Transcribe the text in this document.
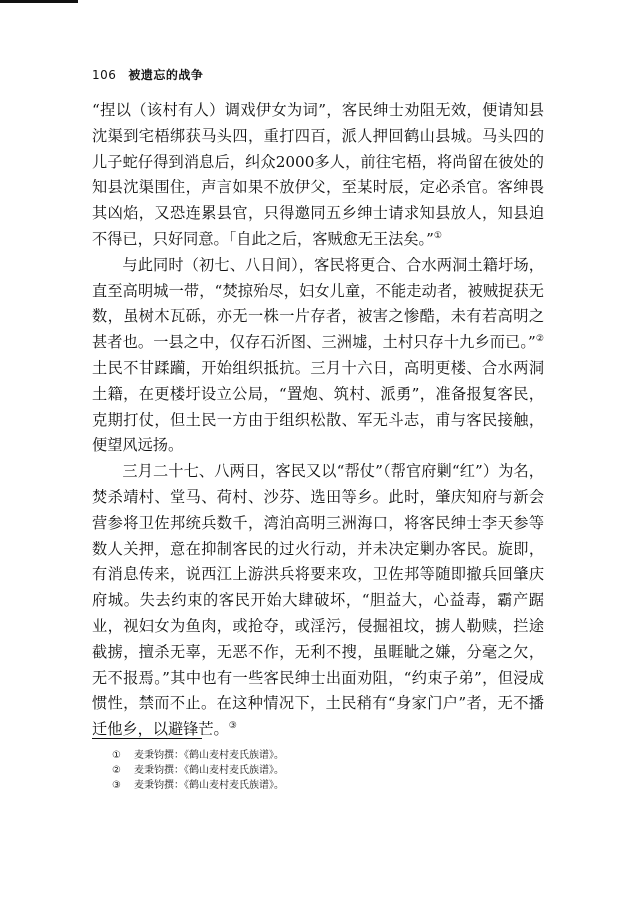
106 被遗忘的战争

“捏以（该村有人）调戏伊女为词”，客民绅士劝阻无效，便请知县沈渠到宅梧绑获马头四，重打四百，派人押回鹤山县城。马头四的儿子蛇仔得到消息后，纠众2000多人，前往宅梧，将尚留在彼处的知县沈渠围住，声言如果不放伊父，至某时辰，定必杀官。客绅畏其凶焰，又恐连累县官，只得邀同五乡绅士请求知县放人，知县迫不得已，只好同意。「自此之后，客贼愈无王法矣。”①

与此同时（初七、八日间），客民将更合、合水两洞土籍圩场，直至高明城一带，“焚掠殆尽，妇女儿童，不能走动者，被贼捉获无数，虽树木瓦砾，亦无一株一片存者，被害之惨酷，未有若高明之甚者也。一县之中，仅存石沂图、三洲墟，土村只存十九乡而已。”②土民不甘蹂躏，开始组织抵抗。三月十六日，高明更楼、合水两洞土籍，在更楼圩设立公局，“置炮、筑村、派勇”，准备报复客民，克期打仗，但土民一方由于组织松散、军无斗志，甫与客民接触，便望风远扬。

三月二十七、八两日，客民又以“帮仗”（帮官府剿“红”）为名，焚杀靖村、堂马、荷村、沙芬、选田等乡。此时，肇庆知府与新会营参将卫佐邦统兵数千，湾泊高明三洲海口，将客民绅士李天参等数人关押，意在抑制客民的过火行动，并未决定剿办客民。旋即，有消息传来，说西江上游洪兵将要来攻，卫佐邦等随即撤兵回肇庆府城。失去约束的客民开始大肆破坏，“胆益大，心益毒，霸产踞业，视妇女为鱼肉，或抢夺，或淫污，侵掘祖坟，掳人勒赎，拦途截掳，擅杀无辜，无恶不作，无利不搜，虽睚眦之嫌，分毫之欠，无不报焉。”其中也有一些客民绅士出面劝阻，“约束子弟”，但浸成惯性，禁而不止。在这种情况下，土民稍有“身家门户”者，无不播迁他乡，以避锋芒。③

① 麦秉钧撰：《鹤山麦村麦氏族谱》。
② 麦秉钧撰：《鹤山麦村麦氏族谱》。
③ 麦秉钧撰：《鹤山麦村麦氏族谱》。
